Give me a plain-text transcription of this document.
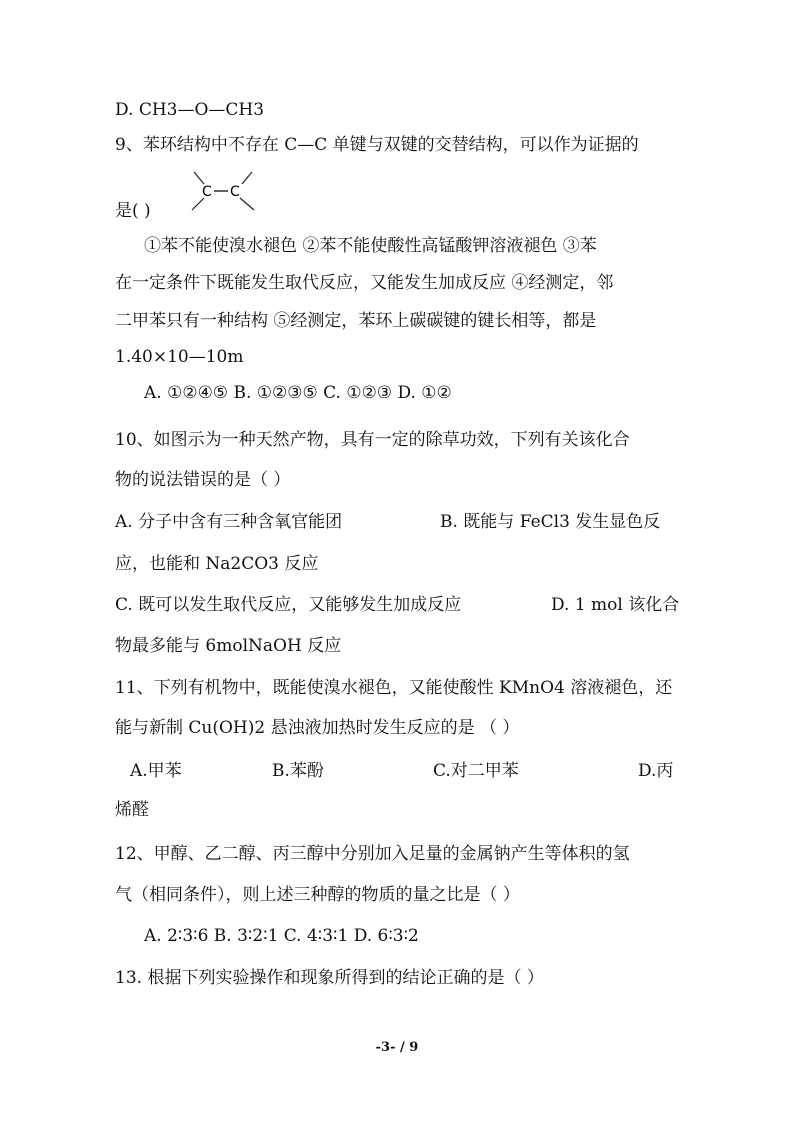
D. CH3—O—CH3
9、苯环结构中不存在 C—C 单键与双键的交替结构，可以作为证据的
C C
是( )
①苯不能使溴水褪色 ②苯不能使酸性高锰酸钾溶液褪色 ③苯
在一定条件下既能发生取代反应，又能发生加成反应 ④经测定，邻
二甲苯只有一种结构 ⑤经测定，苯环上碳碳键的键长相等，都是
1.40×10—10m
A. ①②④⑤ B. ①②③⑤ C. ①②③ D. ①②
10、如图示为一种天然产物，具有一定的除草功效，下列有关该化合
物的说法错误的是（ ）
A. 分子中含有三种含氧官能团	B. 既能与 FeCl3 发生显色反
应，也能和 Na2CO3 反应
C. 既可以发生取代反应，又能够发生加成反应	D. 1 mol 该化合
物最多能与 6molNaOH 反应
11、下列有机物中，既能使溴水褪色，又能使酸性 KMnO4 溶液褪色，还
能与新制 Cu(OH)2 悬浊液加热时发生反应的是 （ ）
A.甲苯	B.苯酚	C.对二甲苯	D.丙
烯醛
12、甲醇、乙二醇、丙三醇中分别加入足量的金属钠产生等体积的氢
气（相同条件），则上述三种醇的物质的量之比是（ ）
A. 2∶3∶6 B. 3∶2∶1 C. 4∶3∶1 D. 6∶3∶2
13. 根据下列实验操作和现象所得到的结论正确的是（ ）
-3- / 9
